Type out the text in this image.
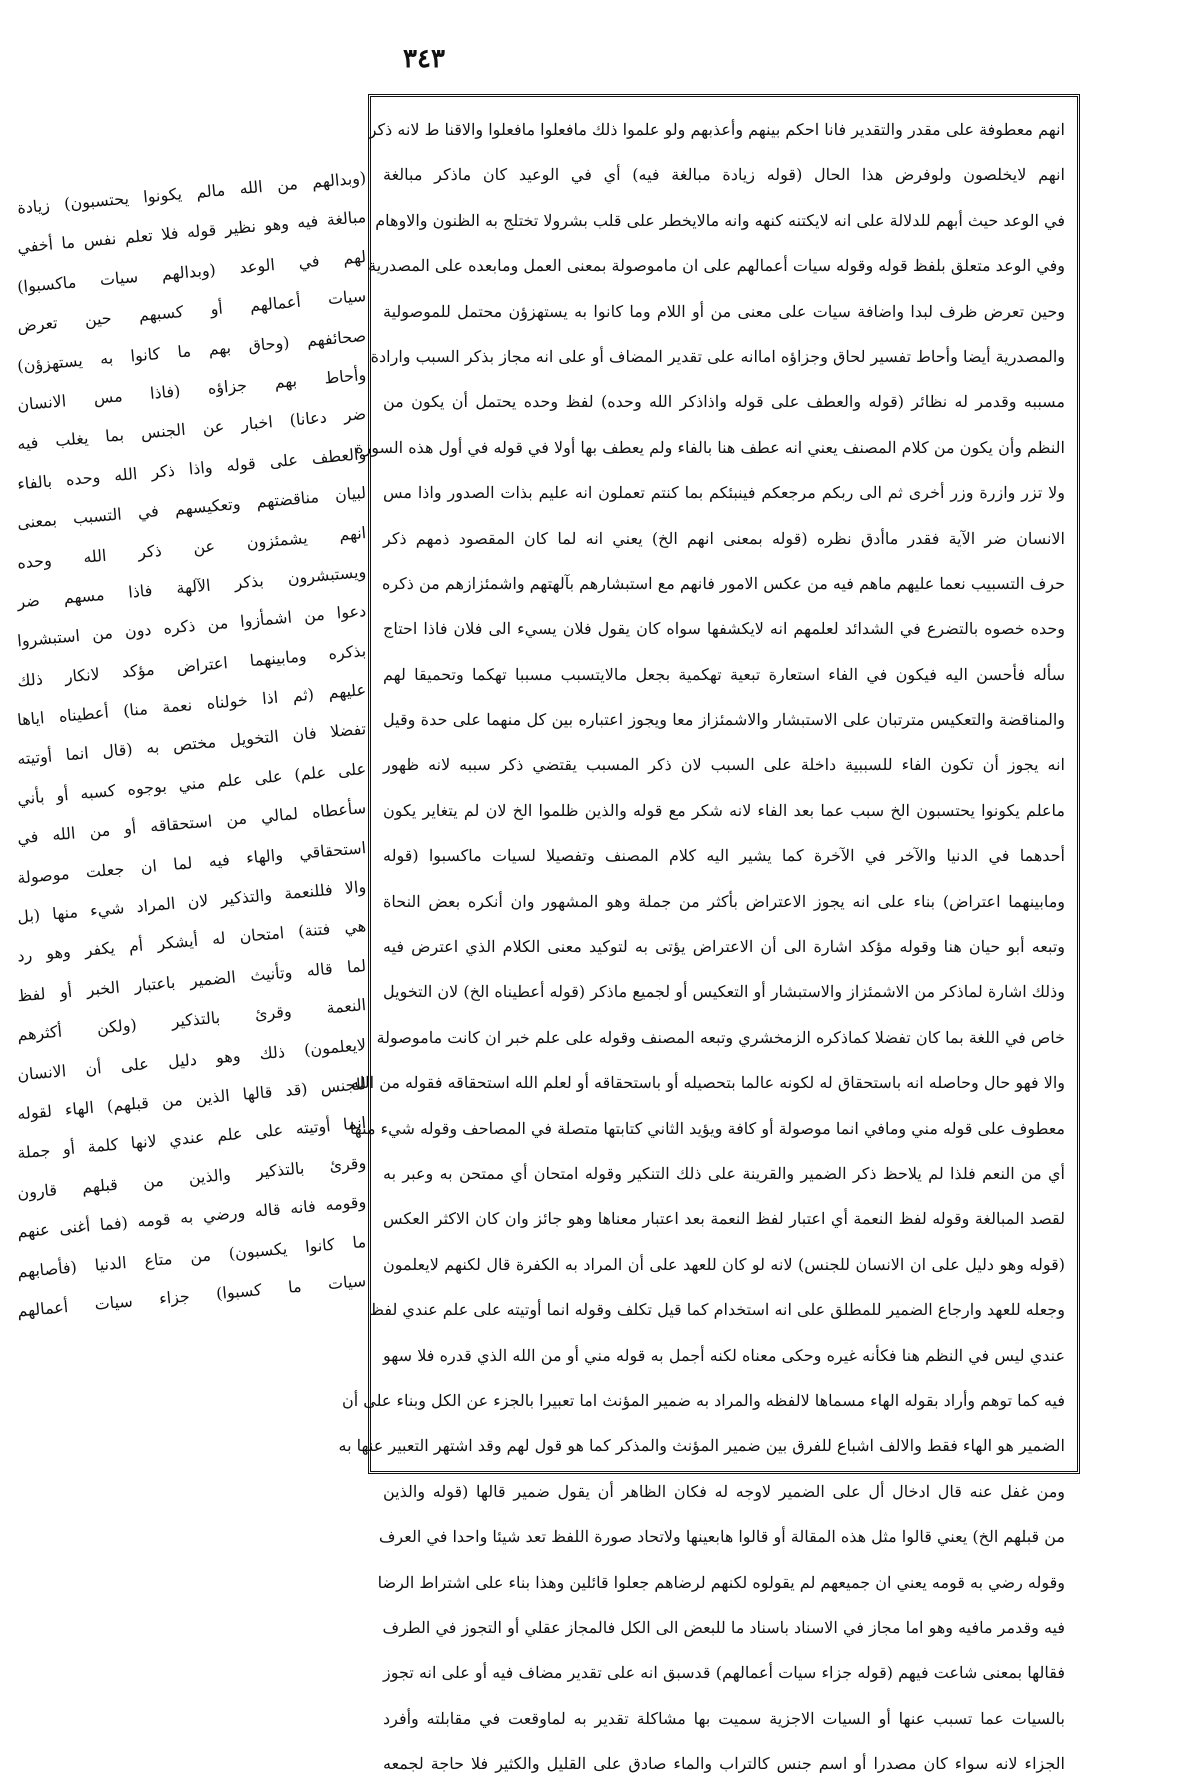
٣٤٣
انهم معطوفة على مقدر والتقدير فانا احكم بينهم وأعذبهم ولو علموا ذلك مافعلوا مافعلوا والاقنا ط لانه ذكر
انهم لايخلصون ولوفرض هذا الحال (قوله زيادة مبالغة فيه) أي في الوعيد كان ماذكر مبالغة
في الوعد حيث أبهم للدلالة على انه لايكتنه كنهه وانه مالايخطر على قلب بشرولا تختلج به الظنون والاوهام
وفي الوعد متعلق بلفظ قوله وقوله سيات أعمالهم على ان ماموصولة بمعنى العمل ومابعده على المصدرية
وحين تعرض ظرف لبدا واضافة سيات على معنى من أو اللام وما كانوا به يستهزؤن محتمل للموصولية
والمصدرية أيضا وأحاط تفسير لحاق وجزاؤه اماانه على تقدير المضاف أو على انه مجاز بذكر السبب وارادة
مسببه وقدمر له نظائر (قوله والعطف على قوله واذاذكر الله وحده) لفظ وحده يحتمل أن يكون من
النظم وأن يكون من كلام المصنف يعني انه عطف هنا بالفاء ولم يعطف بها أولا في قوله في أول هذه السورة
ولا تزر وازرة وزر أخرى ثم الى ربكم مرجعكم فينبئكم بما كنتم تعملون انه عليم بذات الصدور واذا مس
الانسان ضر الآية فقدر ماأدق نظره (قوله بمعنى انهم الخ) يعني انه لما كان المقصود ذمهم ذكر
حرف التسبيب نعما عليهم ماهم فيه من عكس الامور فانهم مع استبشارهم بآلهتهم واشمئزازهم من ذكره
وحده خصوه بالتضرع في الشدائد لعلمهم انه لايكشفها سواه كان يقول فلان يسيء الى فلان فاذا احتاج
سأله فأحسن اليه فيكون في الفاء استعارة تبعية تهكمية بجعل مالايتسبب مسببا تهكما وتحميقا لهم
والمناقضة والتعكيس مترتبان على الاستبشار والاشمئزاز معا ويجوز اعتباره بين كل منهما على حدة وقيل
انه يجوز أن تكون الفاء للسببية داخلة على السبب لان ذكر المسبب يقتضي ذكر سببه لانه ظهور
ماعلم يكونوا يحتسبون الخ سبب عما بعد الفاء لانه شكر مع قوله والذين ظلموا الخ لان لم يتغاير يكون
أحدهما في الدنيا والآخر في الآخرة كما يشير اليه كلام المصنف وتفصيلا لسيات ماكسبوا (قوله
ومابينهما اعتراض) بناء على انه يجوز الاعتراض بأكثر من جملة وهو المشهور وان أنكره بعض النحاة
وتبعه أبو حيان هنا وقوله مؤكد اشارة الى أن الاعتراض يؤتى به لتوكيد معنى الكلام الذي اعترض فيه
وذلك اشارة لماذكر من الاشمئزاز والاستبشار أو التعكيس أو لجميع ماذكر (قوله أعطيناه الخ) لان التخويل
خاص في اللغة بما كان تفضلا كماذكره الزمخشري وتبعه المصنف وقوله على علم خبر ان كانت ماموصولة
والا فهو حال وحاصله انه باستحقاق له لكونه عالما بتحصيله أو باستحقاقه أو لعلم الله استحقاقه فقوله من الله
معطوف على قوله مني ومافي انما موصولة أو كافة ويؤيد الثاني كتابتها متصلة في المصاحف وقوله شيء منها
أي من النعم فلذا لم يلاحظ ذكر الضمير والقرينة على ذلك التنكير وقوله امتحان أي ممتحن به وعبر به
لقصد المبالغة وقوله لفظ النعمة أي اعتبار لفظ النعمة بعد اعتبار معناها وهو جائز وان كان الاكثر العكس
(قوله وهو دليل على ان الانسان للجنس) لانه لو كان للعهد على أن المراد به الكفرة قال لكنهم لايعلمون
وجعله للعهد وارجاع الضمير للمطلق على انه استخدام كما قيل تكلف وقوله انما أوتيته على علم عندي لفظ
عندي ليس في النظم هنا فكأنه غيره وحكى معناه لكنه أجمل به قوله مني أو من الله الذي قدره فلا سهو
فيه كما توهم وأراد بقوله الهاء مسماها لالفظه والمراد به ضمير المؤنث اما تعبيرا بالجزء عن الكل وبناء على أن
الضمير هو الهاء فقط والالف اشباع للفرق بين ضمير المؤنث والمذكر كما هو قول لهم وقد اشتهر التعبير عنها به
ومن غفل عنه قال ادخال أل على الضمير لاوجه له فكان الظاهر أن يقول ضمير قالها (قوله والذين
من قبلهم الخ) يعني قالوا مثل هذه المقالة أو قالوا هابعينها ولاتحاد صورة اللفظ تعد شيئا واحدا في العرف
وقوله رضي به قومه يعني ان جميعهم لم يقولوه لكنهم لرضاهم جعلوا قائلين وهذا بناء على اشتراط الرضا
فيه وقدمر مافيه وهو اما مجاز في الاسناد باسناد ما للبعض الى الكل فالمجاز عقلي أو التجوز في الطرف
فقالها بمعنى شاعت فيهم (قوله جزاء سيات أعمالهم) قدسبق انه على تقدير مضاف فيه أو على انه تجوز
بالسيات عما تسبب عنها أو السيات الاجزية سميت بها مشاكلة تقدير به لماوقعت في مقابلته وأفرد
الجزاء لانه سواء كان مصدرا أو اسم جنس كالتراب والماء صادق على القليل والكثير فلا حاجة لجمعه
(وبدالهم من الله مالم يكونوا يحتسبون) زيادة
مبالغة فيه وهو نظير قوله فلا تعلم نفس ما أخفي
لهم في الوعد (وبدالهم سيات ماكسبوا)
سيات أعمالهم أو كسبهم حين تعرض
صحائفهم (وحاق بهم ما كانوا به يستهزؤن)
وأحاط بهم جزاؤه (فاذا مس الانسان
ضر دعانا) اخبار عن الجنس بما يغلب فيه
والعطف على قوله واذا ذكر الله وحده بالفاء
لبيان مناقضتهم وتعكيسهم في التسبب بمعنى
انهم يشمئزون عن ذكر الله وحده
ويستبشرون بذكر الآلهة فاذا مسهم ضر
دعوا من اشمأزوا من ذكره دون من استبشروا
بذكره ومابينهما اعتراض مؤكد لانكار ذلك
عليهم (ثم اذا خولناه نعمة منا) أعطيناه اياها
تفضلا فان التخويل مختص به (قال انما أوتيته
على علم) على علم مني بوجوه كسبه أو بأني
سأعطاه لمالي من استحقاقه أو من الله في
استحقاقي والهاء فيه لما ان جعلت موصولة
والا فللنعمة والتذكير لان المراد شيء منها (بل
هي فتنة) امتحان له أيشكر أم يكفر وهو رد
لما قاله وتأنيث الضمير باعتبار الخبر أو لفظ
النعمة وقرئ بالتذكير (ولكن أكثرهم
لايعلمون) ذلك وهو دليل على أن الانسان
للجنس (قد قالها الذين من قبلهم) الهاء لقوله
انما أوتيته على علم عندي لانها كلمة أو جملة
وقرئ بالتذكير والذين من قبلهم قارون
وقومه فانه قاله ورضي به قومه (فما أغنى عنهم
ما كانوا يكسبون) من متاع الدنيا (فأصابهم
سيات ما كسبوا) جزاء سيات أعمالهم
